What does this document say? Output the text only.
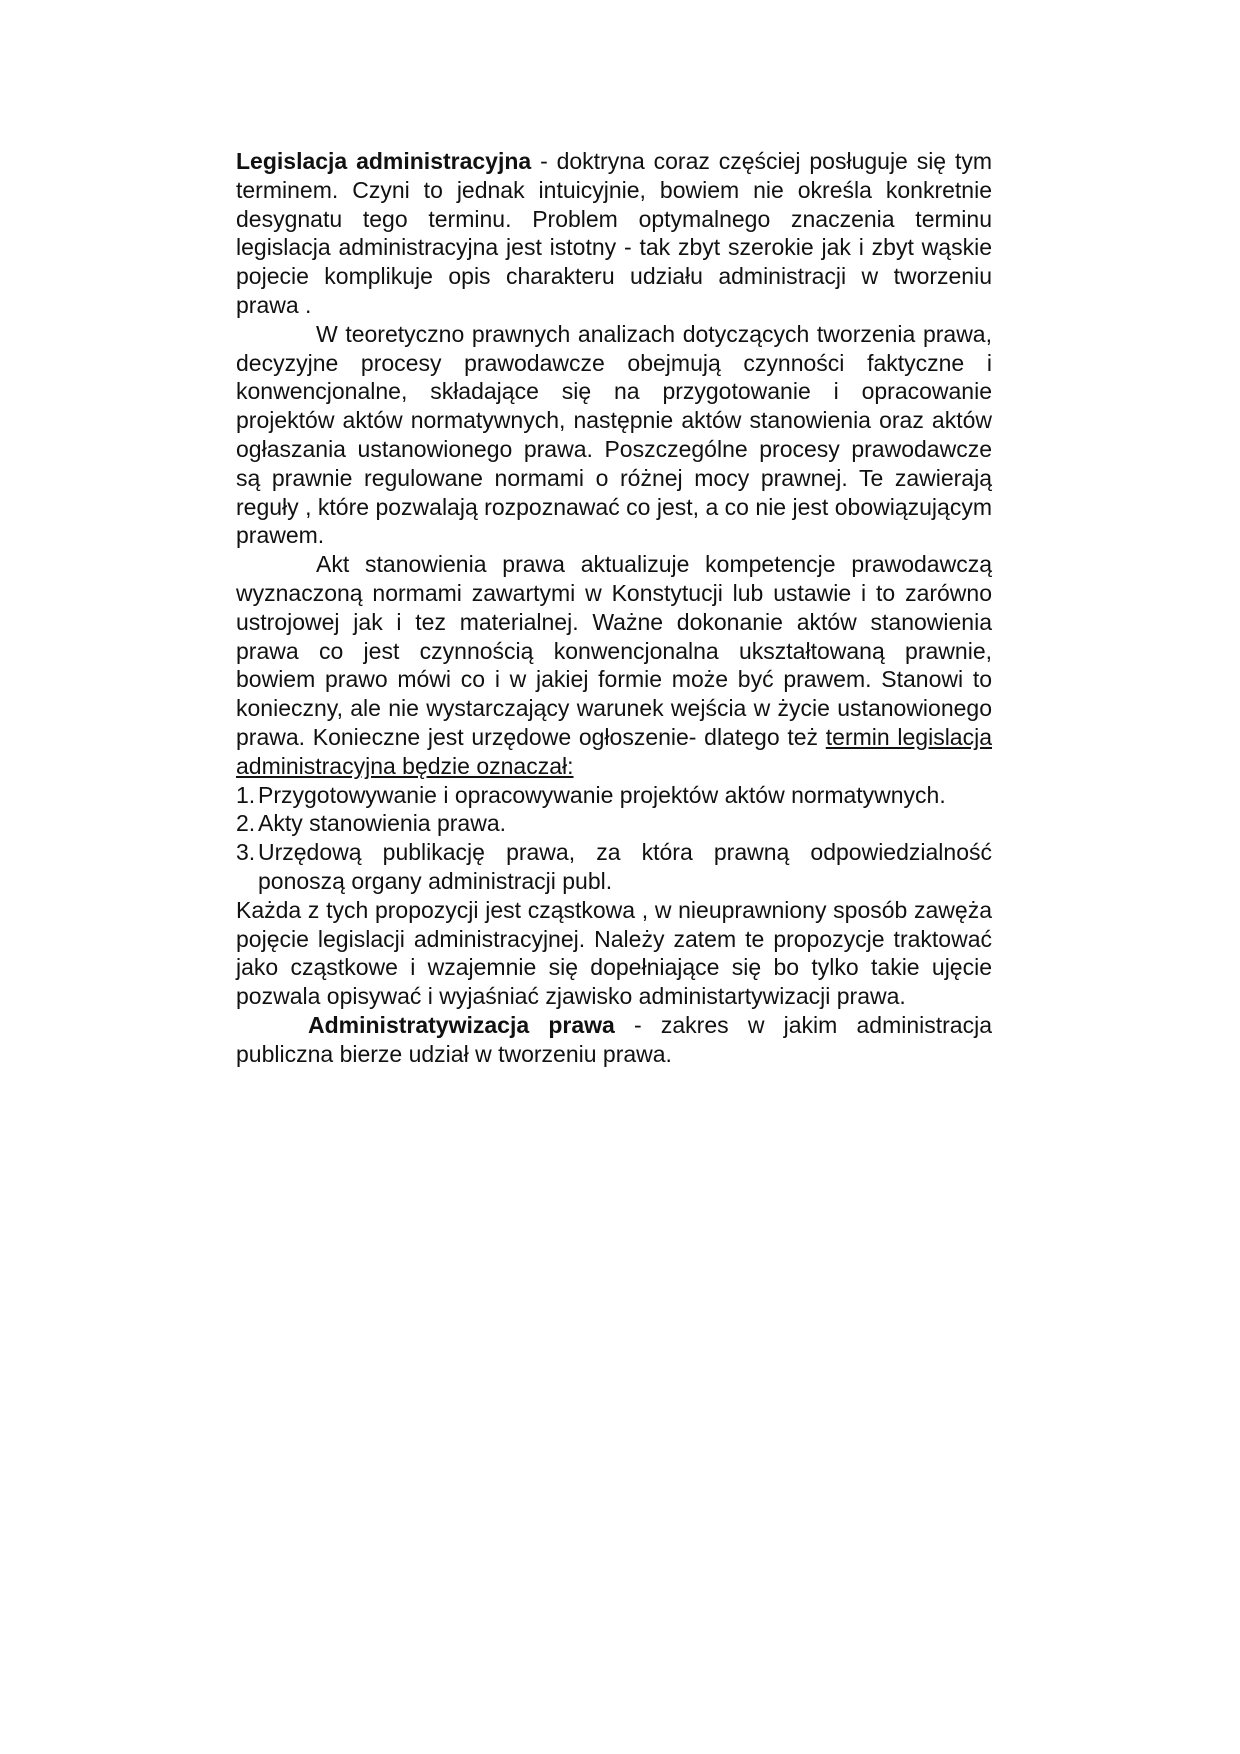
Legislacja administracyjna - doktryna coraz częściej posługuje się tym terminem. Czyni to jednak intuicyjnie, bowiem nie określa konkretnie desygnatu tego terminu. Problem optymalnego znaczenia terminu legislacja administracyjna jest istotny - tak zbyt szerokie jak i zbyt wąskie pojecie komplikuje opis charakteru udziału administracji w tworzeniu prawa .

W teoretyczno prawnych analizach dotyczących tworzenia prawa, decyzyjne procesy prawodawcze obejmują czynności faktyczne i konwencjonalne, składające się na przygotowanie i opracowanie projektów aktów normatywnych, następnie aktów stanowienia oraz aktów ogłaszania ustanowionego prawa. Poszczególne procesy prawodawcze są prawnie regulowane normami o różnej mocy prawnej. Te zawierają reguły , które pozwalają rozpoznawać co jest, a co nie jest obowiązującym prawem.

Akt stanowienia prawa aktualizuje kompetencje prawodawczą wyznaczoną normami zawartymi w Konstytucji lub ustawie i to zarówno ustrojowej jak i tez materialnej. Ważne dokonanie aktów stanowienia prawa co jest czynnością konwencjonalna ukształtowaną prawnie, bowiem prawo mówi co i w jakiej formie może być prawem. Stanowi to konieczny, ale nie wystarczający warunek wejścia w życie ustanowionego prawa. Konieczne jest urzędowe ogłoszenie- dlatego też termin legislacja administracyjna będzie oznaczał:

1. Przygotowywanie i opracowywanie projektów aktów normatywnych.
2. Akty stanowienia prawa.
3. Urzędową publikację prawa, za która prawną odpowiedzialność ponoszą organy administracji publ.

Każda z tych propozycji jest cząstkowa , w nieuprawniony sposób zawęża pojęcie legislacji administracyjnej. Należy zatem te propozycje traktować jako cząstkowe i wzajemnie się dopełniające się bo tylko takie ujęcie pozwala opisywać i wyjaśniać zjawisko administartywizacji prawa.

Administratywizacja prawa - zakres w jakim administracja publiczna bierze udział w tworzeniu prawa.
